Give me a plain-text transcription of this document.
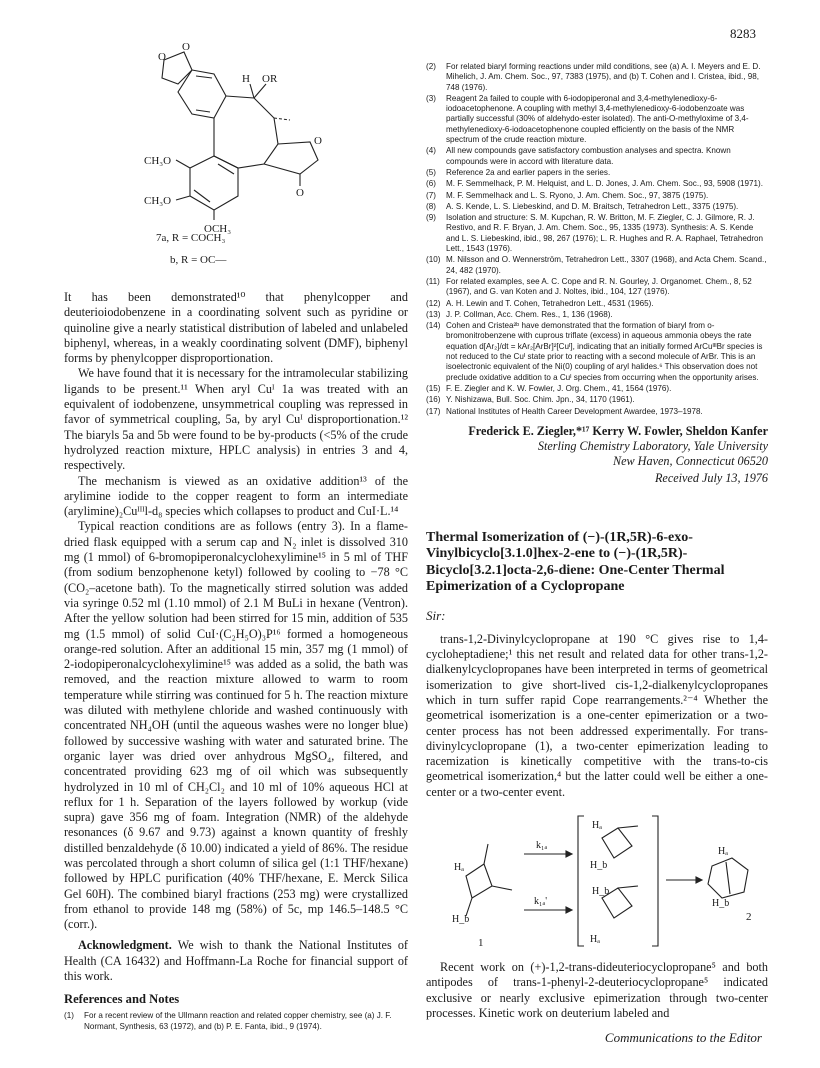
8283
O
O
H OR
O
O
CH₃O
CH₃O
OCH₃
7a, R = COCH₃
b, R = OC—

It has been demonstrated¹⁰ that phenylcopper and deuterioiodobenzene in a coordinating solvent such as pyridine or quinoline give a nearly statistical distribution of labeled and unlabeled biphenyl, whereas, in a weakly coordinating solvent (DMF), biphenyl forms by phenylcopper disproportionation.

We have found that it is necessary for the intramolecular stabilizing ligands to be present.¹¹ When aryl Cuᴵ 1a was treated with an equivalent of iodobenzene, unsymmetrical coupling was repressed in favor of symmetrical coupling, 5a, by aryl Cuᴵ disproportionation.¹² The biaryls 5a and 5b were found to be by-products (<5% of the crude hydrolyzed reaction mixture, HPLC analysis) in entries 3 and 4, respectively.

The mechanism is viewed as an oxidative addition¹³ of the arylimine iodide to the copper reagent to form an intermediate (arylimine)₂Cuᴵᴵᴵl-d₈ species which collapses to product and CuI·L.¹⁴

Typical reaction conditions are as follows (entry 3). In a flame-dried flask equipped with a serum cap and N₂ inlet is dissolved 310 mg (1 mmol) of 6-bromopiperonalcyclohexylimine¹⁵ in 5 ml of THF (from sodium benzophenone ketyl) followed by cooling to −78 °C (CO₂–acetone bath). To the magnetically stirred solution was added via syringe 0.52 ml (1.10 mmol) of 2.1 M BuLi in hexane (Ventron). After the yellow solution had been stirred for 15 min, addition of 535 mg (1.5 mmol) of solid CuI·(C₂H₅O)₃P¹⁶ formed a homogeneous orange-red solution. After an additional 15 min, 357 mg (1 mmol) of 2-iodopiperonalcyclohexylimine¹⁵ was added as a solid, the bath was removed, and the reaction mixture allowed to warm to room temperature while stirring was continued for 5 h. The reaction mixture was diluted with methylene chloride and washed continuously with concentrated NH₄OH (until the aqueous washes were no longer blue) followed by successive washing with water and saturated brine. The organic layer was dried over anhydrous MgSO₄, filtered, and concentrated providing 623 mg of oil which was subsequently hydrolyzed in 10 ml of CH₂Cl₂ and 10 ml of 10% aqueous HCl at reflux for 1 h. Separation of the layers followed by workup (vide supra) gave 356 mg of foam. Integration (NMR) of the aldehyde resonances (δ 9.67 and 9.73) against a known quantity of freshly distilled benzaldehyde (δ 10.00) indicated a yield of 86%. The residue was percolated through a short column of silica gel (1:1 THF/hexane) followed by HPLC purification (40% THF/hexane, E. Merck Silica Gel 60H). The combined biaryl fractions (253 mg) were crystallized from ethanol to provide 148 mg (58%) of 5c, mp 146.5–148.5 °C (corr.).

Acknowledgment. We wish to thank the National Institutes of Health (CA 16432) and Hoffmann-La Roche for financial support of this work.

References and Notes
(1)	For a recent review of the Ullmann reaction and related copper chemistry, see (a) J. F. Normant, Synthesis, 63 (1972), and (b) P. E. Fanta, ibid., 9 (1974).
(2)	For related biaryl forming reactions under mild conditions, see (a) A. I. Meyers and E. D. Mihelich, J. Am. Chem. Soc., 97, 7383 (1975), and (b) T. Cohen and I. Cristea, ibid., 98, 748 (1976).
(3)	Reagent 2a failed to couple with 6-iodopiperonal and 3,4-methylenedioxy-6-iodoacetophenone. A coupling with methyl 3,4-methylenedioxy-6-iodobenzoate was partially successful (30% of aldehydo-ester isolated). The anti-O-methyloxime of 3,4-methylenedioxy-6-iodoacetophenone coupled efficiently on the basis of the NMR spectrum of the crude reaction mixture.
(4)	All new compounds gave satisfactory combustion analyses and spectra. Known compounds were in accord with literature data.
(5)	Reference 2a and earlier papers in the series.
(6)	M. F. Semmelhack, P. M. Helquist, and L. D. Jones, J. Am. Chem. Soc., 93, 5908 (1971).
(7)	M. F. Semmelhack and L. S. Ryono, J. Am. Chem. Soc., 97, 3875 (1975).
(8)	A. S. Kende, L. S. Liebeskind, and D. M. Braitsch, Tetrahedron Lett., 3375 (1975).
(9)	Isolation and structure: S. M. Kupchan, R. W. Britton, M. F. Ziegler, C. J. Gilmore, R. J. Restivo, and R. F. Bryan, J. Am. Chem. Soc., 95, 1335 (1973). Synthesis: A. S. Kende and L. S. Liebeskind, ibid., 98, 267 (1976); L. R. Hughes and R. A. Raphael, Tetrahedron Lett., 1543 (1976).
(10) M. Nilsson and O. Wennerström, Tetrahedron Lett., 3307 (1968), and Acta Chem. Scand., 24, 482 (1970).
(11) For related examples, see A. C. Cope and R. N. Gourley, J. Organomet. Chem., 8, 52 (1967), and G. van Koten and J. Noltes, ibid., 104, 127 (1976).
(12) A. H. Lewin and T. Cohen, Tetrahedron Lett., 4531 (1965).
(13) J. P. Collman, Acc. Chem. Res., 1, 136 (1968).
(14) Cohen and Cristea²ᵇ have demonstrated that the formation of biaryl from o-bromonitrobenzene with cuprous triflate (excess) in aqueous ammonia obeys the rate equation d[Ar₂]/dt = kAr₂[ArBr]²[Cuᴵ], indicating that an initially formed ArCuᴵᴵᴵBr species is not reduced to the Cuᴵ state prior to reacting with a second molecule of ArBr. This is an isoelectronic equivalent of the Ni(0) coupling of aryl halides.⁶ This observation does not preclude oxidative addition to a Cuᴵ species from occurring when the opportunity arises.
(15) F. E. Ziegler and K. W. Fowler, J. Org. Chem., 41, 1564 (1976).
(16) Y. Nishizawa, Bull. Soc. Chim. Jpn., 34, 1170 (1961).
(17) National Institutes of Health Career Development Awardee, 1973–1978.
Frederick E. Ziegler,*¹⁷ Kerry W. Fowler, Sheldon Kanfer
Sterling Chemistry Laboratory, Yale University
New Haven, Connecticut 06520
Received July 13, 1976
Thermal Isomerization of (−)-(1R,5R)-6-exo-Vinylbicyclo[3.1.0]hex-2-ene to (−)-(1R,5R)-Bicyclo[3.2.1]octa-2,6-diene: One-Center Thermal Epimerization of a Cyclopropane
Sir:

trans-1,2-Divinylcyclopropane at 190 °C gives rise to 1,4-cycloheptadiene;¹ this net result and related data for other trans-1,2-dialkenylcyclopropanes have been interpreted in terms of geometrical isomerization to give short-lived cis-1,2-dialkenylcyclopropanes which in turn suffer rapid Cope rearrangements.²⁻⁴ Whether the geometrical isomerization is a one-center epimerization or a two-center process has not been addressed experimentally. For trans-divinylcyclopropane (1), a two-center epimerization leading to racemization is kinetically competitive with the trans-to-cis geometrical isomerization,⁴ but the latter could well be either a one-center or a two-center event.

k₁ₐ
k₁ₐ'
Hₐ
H_b
1
Hₐ
H_b
H_b
Hₐ
Hₐ
H_b
2

Recent work on (+)-1,2-trans-dideuteriocyclopropane⁵ and both antipodes of trans-1-phenyl-2-deuteriocyclopropane⁵ indicated exclusive or nearly exclusive epimerization through two-center processes. Kinetic work on deuterium labeled and

Communications to the Editor
